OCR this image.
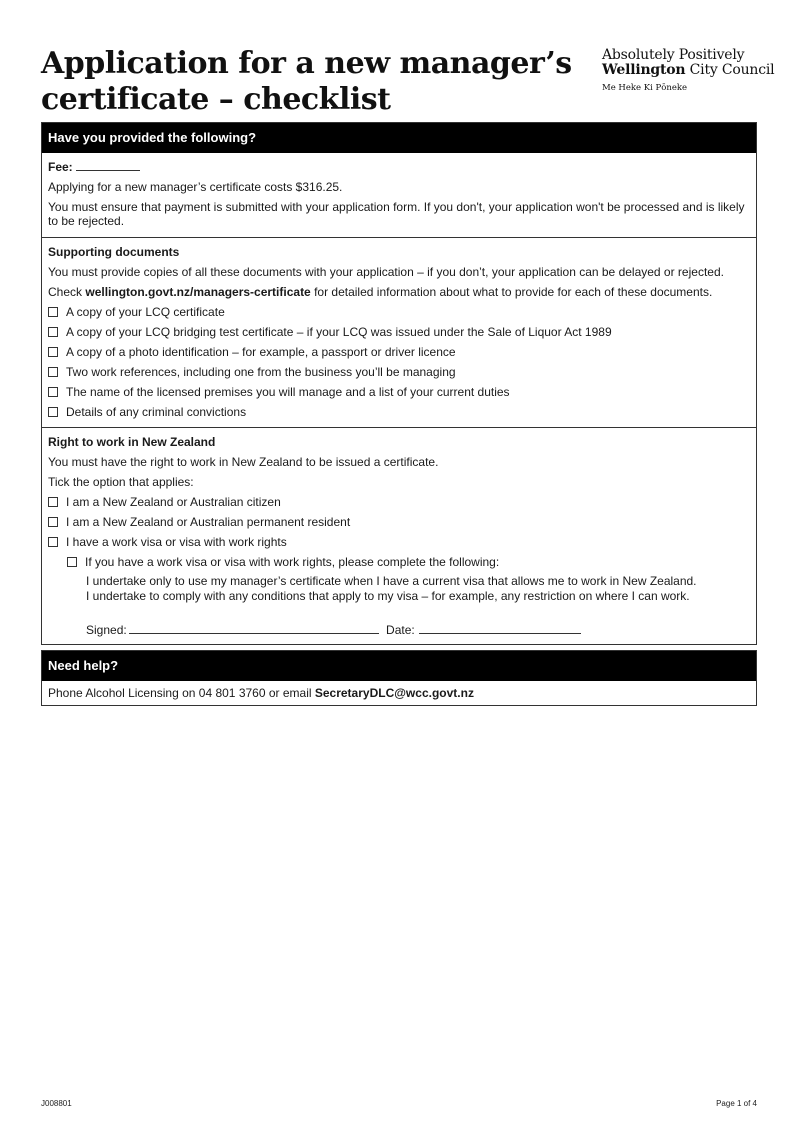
Application for a new manager’s
certificate – checklist
Absolutely Positively
Wellington City Council
Me Heke Ki Pōneke
Have you provided the following?
Fee:
Applying for a new manager’s certificate costs $316.25.
You must ensure that payment is submitted with your application form. If you don't, your application won't be processed and is likely to be rejected.
Supporting documents
You must provide copies of all these documents with your application – if you don’t, your application can be delayed or rejected.
Check wellington.govt.nz/managers-certificate for detailed information about what to provide for each of these documents.
A copy of your LCQ certificate
A copy of your LCQ bridging test certificate – if your LCQ was issued under the Sale of Liquor Act 1989
A copy of a photo identification – for example, a passport or driver licence
Two work references, including one from the business you’ll be managing
The name of the licensed premises you will manage and a list of your current duties
Details of any criminal convictions
Right to work in New Zealand
You must have the right to work in New Zealand to be issued a certificate.
Tick the option that applies:
I am a New Zealand or Australian citizen
I am a New Zealand or Australian permanent resident
I have a work visa or visa with work rights
If you have a work visa or visa with work rights, please complete the following:
I undertake only to use my manager’s certificate when I have a current visa that allows me to work in New Zealand.
I undertake to comply with any conditions that apply to my visa – for example, any restriction on where I can work.
Signed:	Date:
Need help?
Phone Alcohol Licensing on 04 801 3760 or email SecretaryDLC@wcc.govt.nz
J008801	Page 1 of 4
